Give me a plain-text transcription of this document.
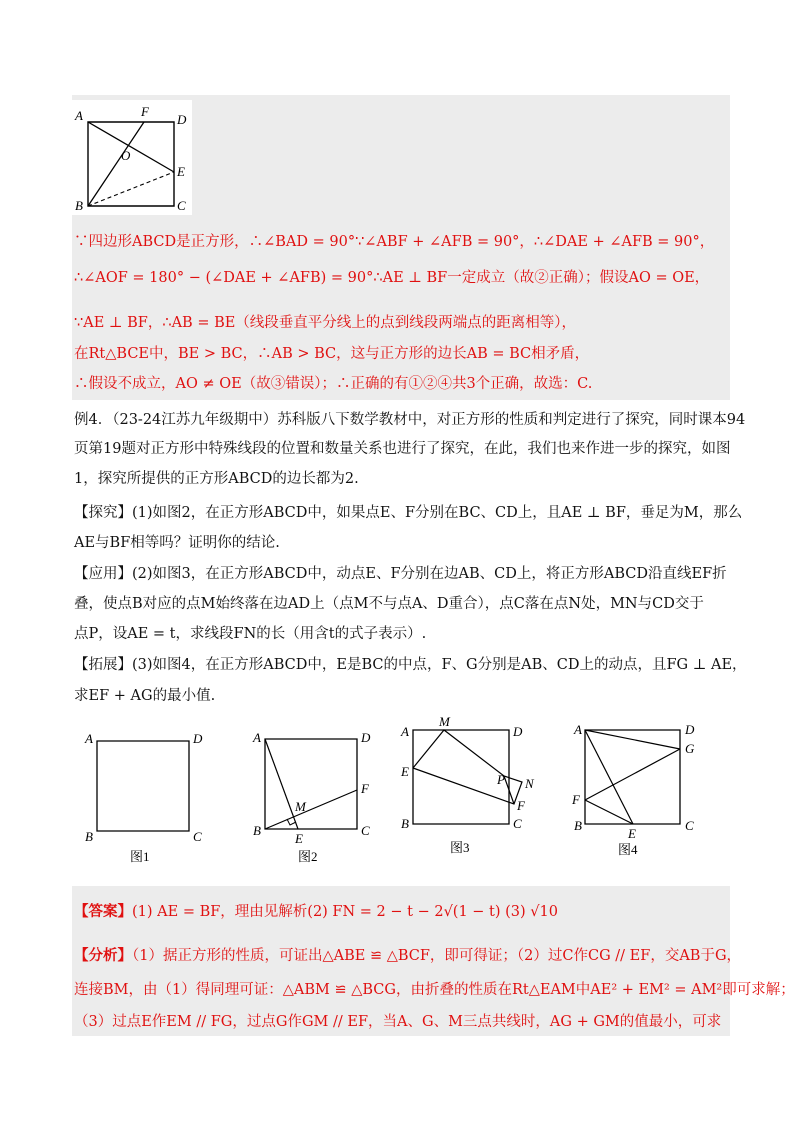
A	F
D
O
E
B	C
∵四边形ABCD是正方形，∴∠BAD = 90°∵∠ABF + ∠AFB = 90°，∴∠DAE + ∠AFB = 90°，
∴∠AOF = 180° − (∠DAE + ∠AFB) = 90°∴AE ⊥ BF一定成立（故②正确）；假设AO = OE，
∵AE ⊥ BF，∴AB = BE（线段垂直平分线上的点到线段两端点的距离相等），
在Rt△BCE中，BE > BC，∴AB > BC，这与正方形的边长AB = BC相矛盾，
∴假设不成立，AO ≠ OE（故③错误）；∴正确的有①②④共3个正确，故选：C.
例4．（23-24江苏九年级期中）苏科版八下数学教材中，对正方形的性质和判定进行了探究，同时课本94
页第19题对正方形中特殊线段的位置和数量关系也进行了探究，在此，我们也来作进一步的探究，如图
1，探究所提供的正方形ABCD的边长都为2.
【探究】(1)如图2，在正方形ABCD中，如果点E、F分别在BC、CD上，且AE ⊥ BF，垂足为M，那么
AE与BF相等吗？证明你的结论.
【应用】(2)如图3，在正方形ABCD中，动点E、F分别在边AB、CD上，将正方形ABCD沿直线EF折
叠，使点B对应的点M始终落在边AD上（点M不与点A、D重合），点C落在点N处，MN与CD交于
点P，设AE = t，求线段FN的长（用含t的式子表示）.
【拓展】(3)如图4，在正方形ABCD中，E是BC的中点，F、G分别是AB、CD上的动点，且FG ⊥ AE，
求EF + AG的最小值.
A	D
B	C
图1
A	D
B	C
E
F
M
图2
A
M
D
E
P N
F
B	C
图3
A	D
G
F
B
E
C
图4
【答案】(1) AE = BF，理由见解析(2) FN = 2 − t − 2√(1 − t) (3) √10
【分析】（1）据正方形的性质，可证出△ABE ≌ △BCF，即可得证；（2）过C作CG // EF，交AB于G，
连接BM，由（1）得同理可证：△ABM ≌ △BCG，由折叠的性质在Rt△EAM中AE² + EM² = AM²即可求解；
（3）过点E作EM // FG，过点G作GM // EF，当A、G、M三点共线时，AG + GM的值最小，可求
